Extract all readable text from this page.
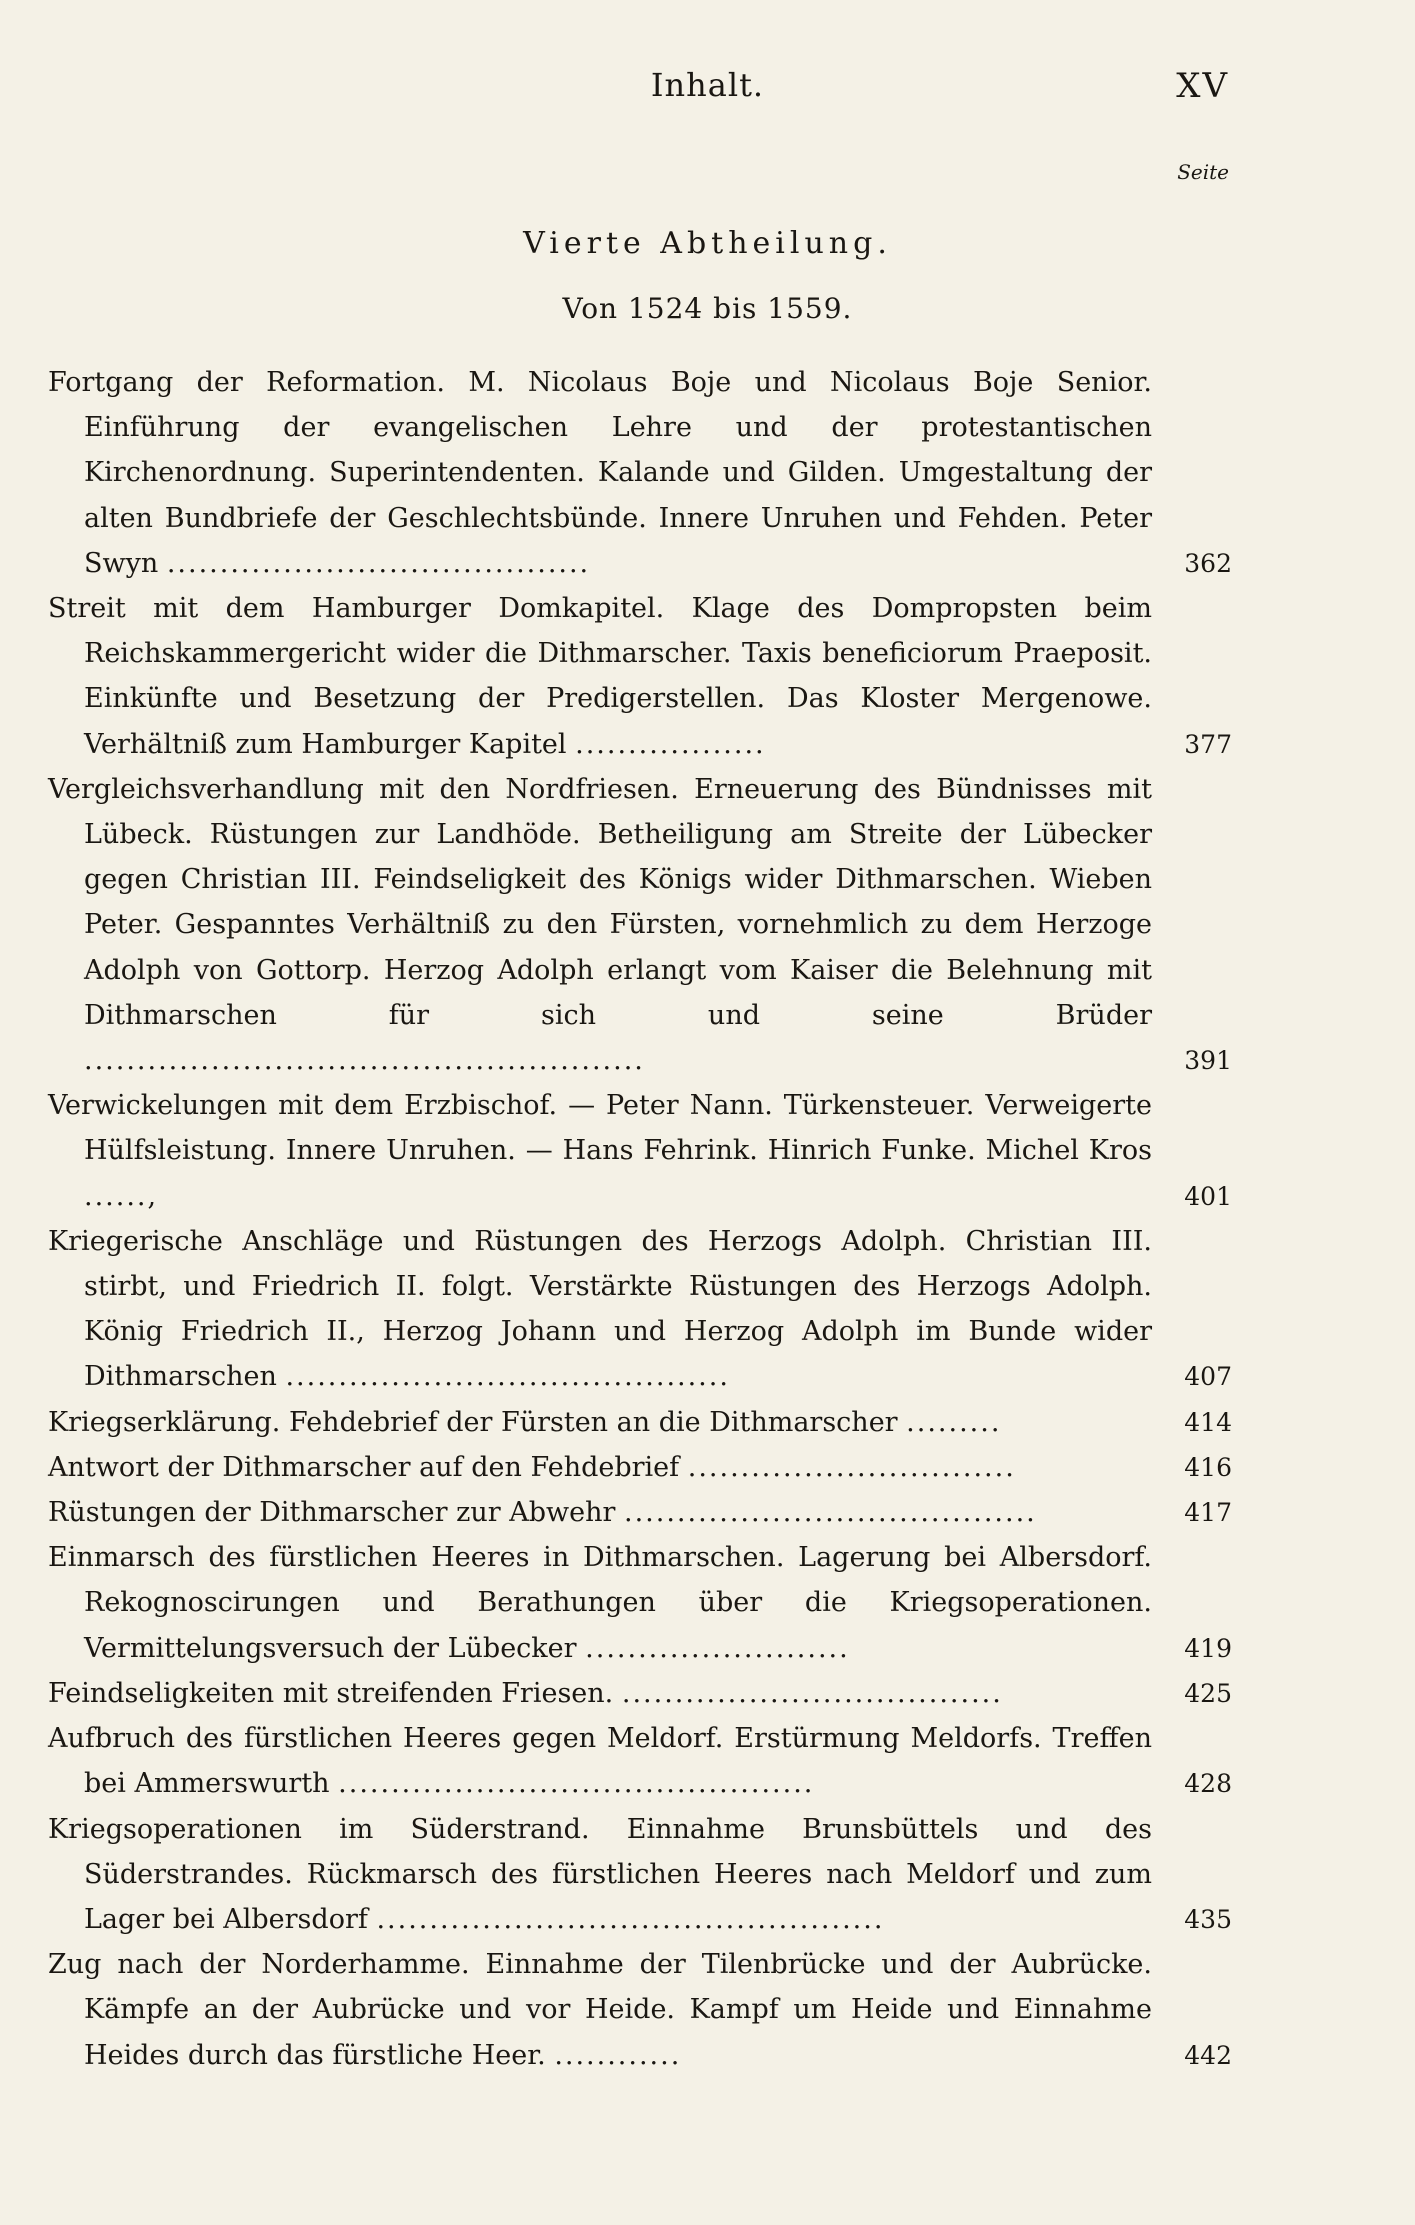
Inhalt.	XV
Seite
Vierte Abtheilung.
Von 1524 bis 1559.
Fortgang der Reformation. M. Nicolaus Boje und Nicolaus Boje Senior. Einführung der evangelischen Lehre und der protestantischen Kirchenordnung. Superintendenten. Kalande und Gilden. Umgestaltung der alten Bundbriefe der Geschlechtsbünde. Innere Unruhen und Fehden. Peter Swyn ........................................	362
Streit mit dem Hamburger Domkapitel. Klage des Dompropsten beim Reichskammergericht wider die Dithmarscher. Taxis beneficiorum Praeposit. Einkünfte und Besetzung der Predigerstellen. Das Kloster Mergenowe. Verhältniß zum Hamburger Kapitel ..................	377
Vergleichsverhandlung mit den Nordfriesen. Erneuerung des Bündnisses mit Lübeck. Rüstungen zur Landhöde. Betheiligung am Streite der Lübecker gegen Christian III. Feindseligkeit des Königs wider Dithmarschen. Wieben Peter. Gespanntes Verhältniß zu den Fürsten, vornehmlich zu dem Herzoge Adolph von Gottorp. Herzog Adolph erlangt vom Kaiser die Belehnung mit Dithmarschen für sich und seine Brüder .....................................................	391
Verwickelungen mit dem Erzbischof. — Peter Nann. Türkensteuer. Verweigerte Hülfsleistung. Innere Unruhen. — Hans Fehrink. Hinrich Funke. Michel Kros ......,	401
Kriegerische Anschläge und Rüstungen des Herzogs Adolph. Christian III. stirbt, und Friedrich II. folgt. Verstärkte Rüstungen des Herzogs Adolph. König Friedrich II., Herzog Johann und Herzog Adolph im Bunde wider Dithmarschen ..........................................	407
Kriegserklärung. Fehdebrief der Fürsten an die Dithmarscher .........	414
Antwort der Dithmarscher auf den Fehdebrief ...............................	416
Rüstungen der Dithmarscher zur Abwehr .......................................	417
Einmarsch des fürstlichen Heeres in Dithmarschen. Lagerung bei Albersdorf. Rekognoscirungen und Berathungen über die Kriegsoperationen. Vermittelungsversuch der Lübecker .........................	419
Feindseligkeiten mit streifenden Friesen. ....................................	425
Aufbruch des fürstlichen Heeres gegen Meldorf. Erstürmung Meldorfs. Treffen bei Ammerswurth .............................................	428
Kriegsoperationen im Süderstrand. Einnahme Brunsbüttels und des Süderstrandes. Rückmarsch des fürstlichen Heeres nach Meldorf und zum Lager bei Albersdorf ................................................	435
Zug nach der Norderhamme. Einnahme der Tilenbrücke und der Aubrücke. Kämpfe an der Aubrücke und vor Heide. Kampf um Heide und Einnahme Heides durch das fürstliche Heer. ............	442
